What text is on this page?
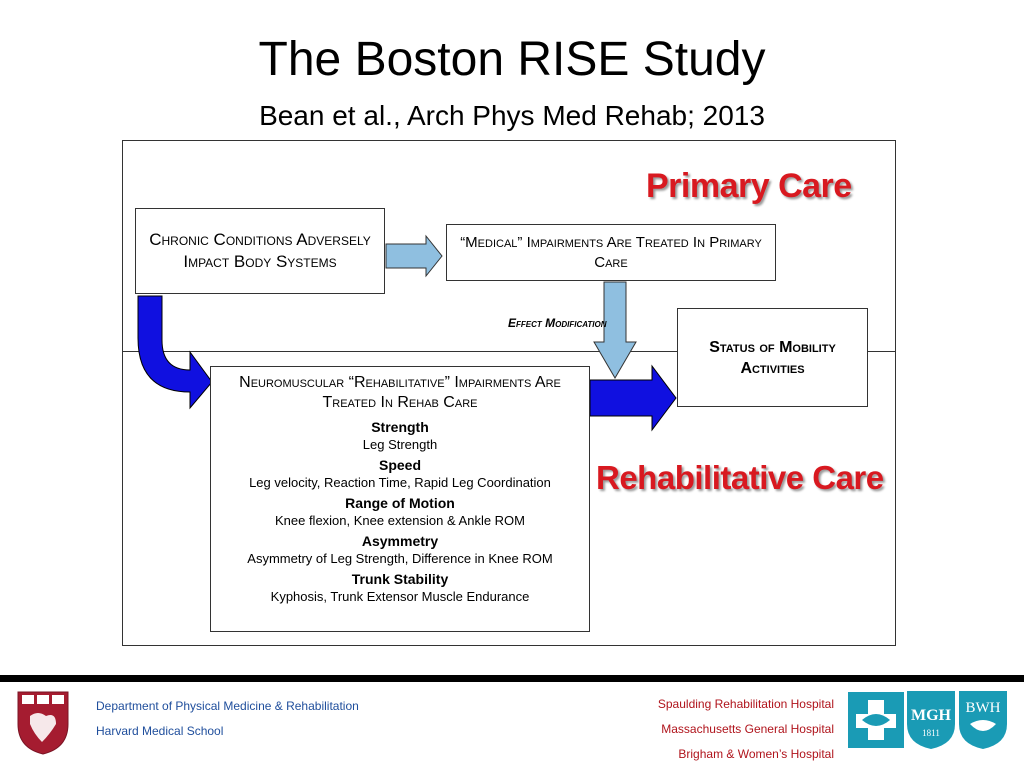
The Boston RISE Study
Bean et al., Arch Phys Med Rehab; 2013
Primary Care
Rehabilitative Care
Effect Modification
Chronic Conditions Adversely Impact Body Systems
“Medical” Impairments Are Treated In Primary Care
Status of Mobility Activities
Neuromuscular “Rehabilitative” Impairments Are Treated In Rehab Care
Strength
Leg Strength
Speed
Leg velocity, Reaction Time, Rapid Leg Coordination
Range of Motion
Knee flexion, Knee extension & Ankle ROM
Asymmetry
Asymmetry of Leg Strength, Difference in Knee ROM
Trunk Stability
Kyphosis, Trunk Extensor Muscle Endurance
Department of Physical Medicine & Rehabilitation
Harvard Medical School
Spaulding Rehabilitation Hospital
Massachusetts General Hospital
Brigham & Women’s Hospital
MGH
1811
BWH
